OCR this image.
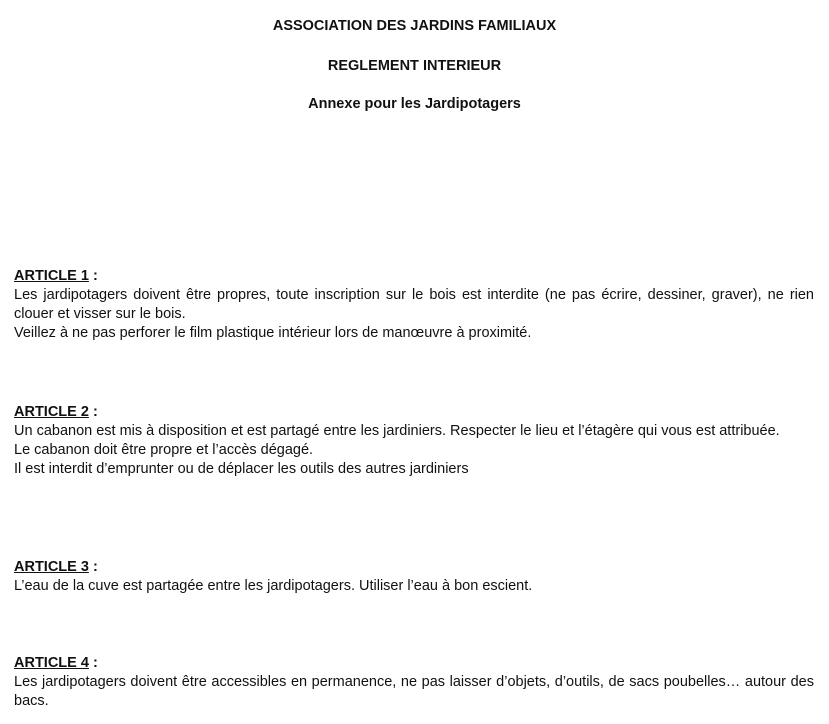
ASSOCIATION DES JARDINS FAMILIAUX
REGLEMENT INTERIEUR
Annexe pour les Jardipotagers
ARTICLE 1 :

Les jardipotagers doivent être propres, toute inscription sur le bois est interdite (ne pas écrire, dessiner, graver), ne rien clouer et visser sur le bois.

Veillez à ne pas perforer le film plastique intérieur lors de manœuvre à proximité.

ARTICLE 2 :

Un cabanon est mis à disposition et est partagé entre les jardiniers. Respecter le lieu et l’étagère qui vous est attribuée.

Le cabanon doit être propre et l’accès dégagé.

Il est interdit d’emprunter ou de déplacer les outils des autres jardiniers

ARTICLE 3 :

L’eau de la cuve est partagée entre les jardipotagers. Utiliser l’eau à bon escient.

ARTICLE 4 :

Les jardipotagers doivent être accessibles en permanence, ne pas laisser d’objets, d’outils, de sacs poubelles… autour des bacs.
